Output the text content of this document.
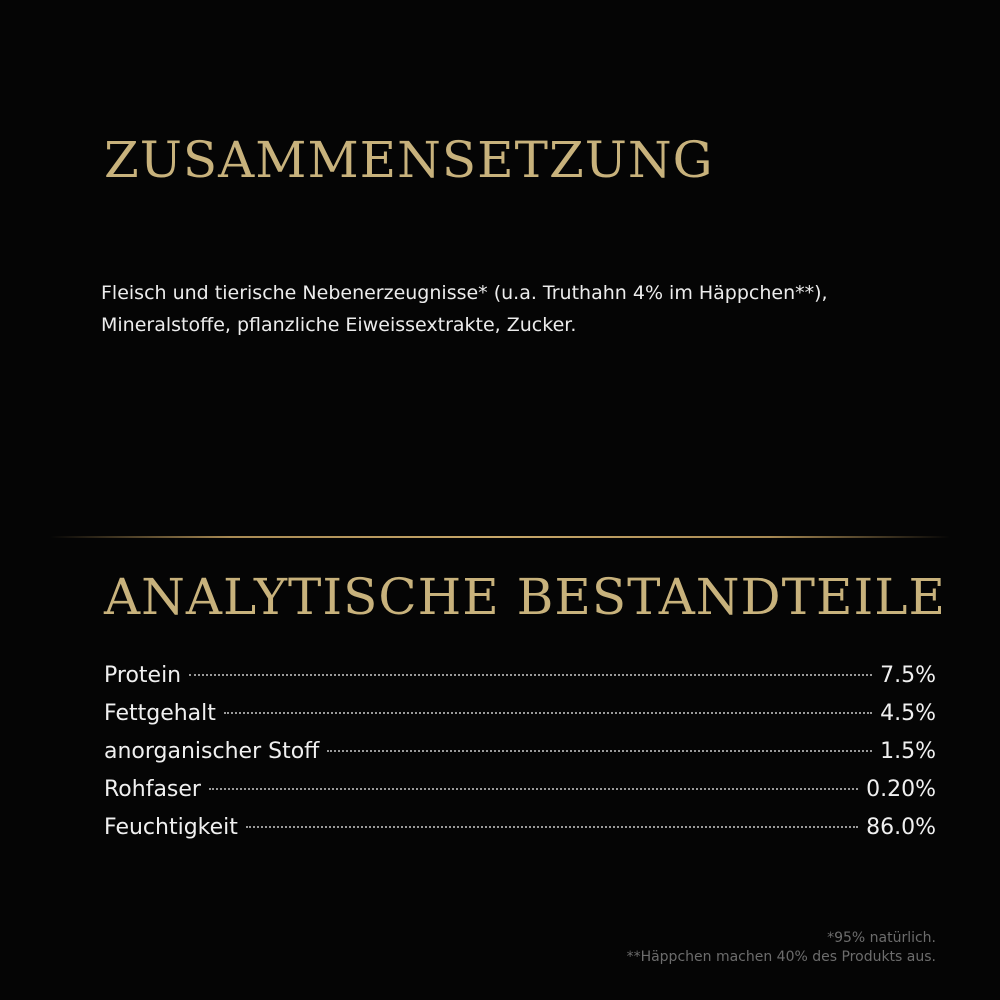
ZUSAMMENSETZUNG

Fleisch und tierische Nebenerzeugnisse* (u.a. Truthahn 4% im Häppchen**),
Mineralstoffe, pflanzliche Eiweissextrakte, Zucker.

ANALYTISCHE BESTANDTEILE
Protein	7.5%
Fettgehalt	4.5%
anorganischer Stoff	1.5%
Rohfaser	0.20%
Feuchtigkeit	86.0%
*95% natürlich.
**Häppchen machen 40% des Produkts aus.
